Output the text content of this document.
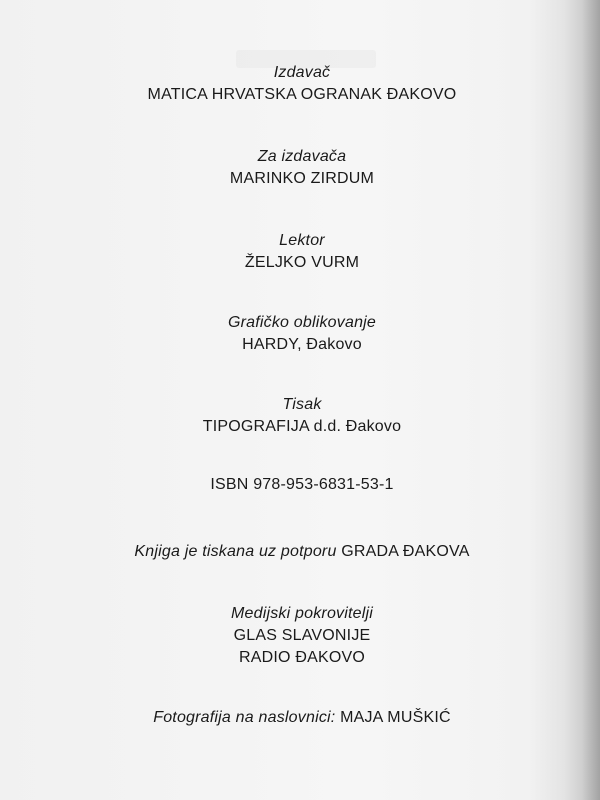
Izdavač
MATICA HRVATSKA OGRANAK ĐAKOVO
Za izdavača
MARINKO ZIRDUM
Lektor
ŽELJKO VURM
Grafičko oblikovanje
HARDY, Đakovo
Tisak
TIPOGRAFIJA d.d. Đakovo
ISBN 978-953-6831-53-1
Knjiga je tiskana uz potporu GRADA ĐAKOVA
Medijski pokrovitelji
GLAS SLAVONIJE
RADIO ĐAKOVO
Fotografija na naslovnici: MAJA MUŠKIĆ
